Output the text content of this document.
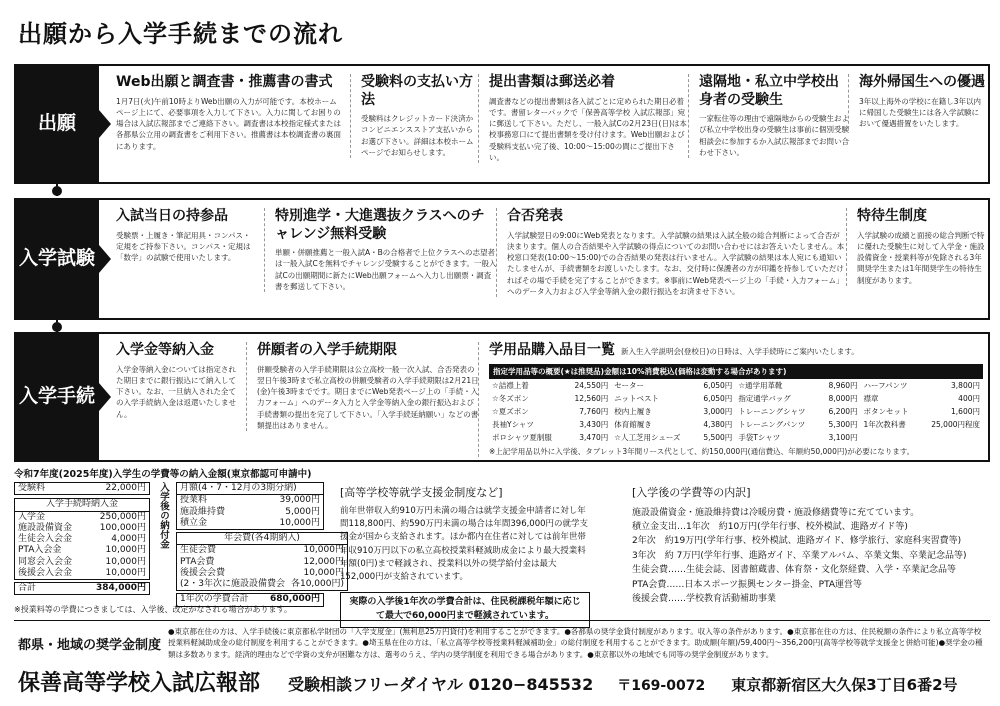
出願から入学手続までの流れ
出願
Web出願と調査書・推薦書の書式
1月7日(火)午前10時よりWeb出願の入力が可能です。本校ホームページ上にて、必要事項を入力して下さい。入力に関してお困りの場合は入試広報部までご連絡下さい。調査書は本校指定様式または各都県公立用の調査書をご利用下さい。推薦書は本校調査書の裏面にあります。
受験料の支払い方法
受験料はクレジットカード決済かコンビニエンスストア支払いからお選び下さい。詳細は本校ホームページでお知らせします。
提出書類は郵送必着
調査書などの提出書類は各入試ごとに定められた期日必着です。書留レターパックで「保善高等学校 入試広報部」宛に郵送して下さい。ただし、一般入試Cの2月23日(日)は本校事務窓口にて提出書類を受け付けます。Web出願および受験料支払い完了後、10:00〜15:00の間にご提出下さい。
遠隔地・私立中学校出身者の受験生
一家転住等の理由で遠隔地からの受験生および私立中学校出身の受験生は事前に個別受験相談会に参加するか入試広報部までお問い合わせ下さい。
海外帰国生への優遇
3年以上海外の学校に在籍し3年以内に帰国した受験生には各入学試験において優遇措置をいたします。
入学試験
入試当日の持参品
受験票・上履き・筆記用具・コンパス・定規をご持参下さい。コンパス・定規は「数学」の試験で使用いたします。
特別進学・大進選抜クラスへのチャレンジ無料受験
単願・併願推薦と一般入試A・Bの合格者で上位クラスへの志望者は一般入試Cを無料でチャレンジ受験することができます。一般入試Cの出願期間に新たにWeb出願フォームへ入力し出願票・調査書を郵送して下さい。
合否発表
入学試験翌日の9:00にWeb発表となります。入学試験の結果は入試全般の総合判断によって合否が決まります。個人の合否結果や入学試験の得点についてのお問い合わせにはお答えいたしません。本校窓口発表(10:00〜15:00)での合否結果の発表は行いません。入学試験の結果は本人宛にも通知いたしませんが、手続書類をお渡しいたします。なお、交付時に保護者の方が印鑑を持参していただければその場で手続を完了することができます。※事前にWeb発表ページ上の「手続・入力フォーム」へのデータ入力および入学金等納入金の銀行振込をお済ませ下さい。
特待生制度
入学試験の成績と面接の総合判断で特に優れた受験生に対して入学金・施設設備資金・授業料等が免除される3年間奨学生または1年間奨学生の特待生制度があります。
入学手続
入学金等納入金
入学金等納入金については指定された期日までに銀行振込にて納入して下さい。なお、一旦納入された全ての入学手続納入金は返還いたしません。
併願者の入学手続期限
併願受験者の入学手続期限は公立高校一般一次入試、合否発表の翌日午後3時まで私立高校の併願受験者の入学手続期限は2月21日(金)午後3時までです。期日までにWeb発表ページ上の「手続・入力フォーム」へのデータ入力と入学金等納入金の銀行振込および手続書類の提出を完了して下さい。「入学手続延納願い」などの書類提出はありません。
学用品購入品目一覧 新入生入学説明会(登校日)の日時は、入学手続時にご案内いたします。
指定学用品等の概要(★は推奨品)金額は10%消費税込(価格は変動する場合があります)
☆詰襟上着	24,550円	セーター	6,050円	☆通学用革靴	8,960円	ハーフパンツ	3,800円
☆冬ズボン	12,560円	ニットベスト	6,050円	指定通学バッグ	8,000円	襟章	400円
☆夏ズボン	7,760円	校内上履き	3,000円	トレーニングシャツ	6,200円	ボタンセット	1,600円
長袖Yシャツ	3,430円	体育館履き	4,380円	トレーニングパンツ	5,300円	1年次教科書	25,000円程度
ポロシャツ夏制服	3,470円	☆人工芝用シューズ	5,500円	手袋Tシャツ	3,100円		
※上記学用品以外に入学後、タブレット3年間リース代として、約150,000円(通信費込、年額約50,000円)が必要になります。
令和7年度(2025年度)入学生の学費等の納入金額(東京都認可申請中)
受験料	22,000円
入学手続時納入金	
入学金	250,000円
施設設備資金	100,000円
生徒会入会金	4,000円
PTA入会金	10,000円
同窓会入会金	10,000円
後援会入会金	10,000円
合計	384,000円
入学後の納付金 月額(4・7・12月の3期分納)	
授業料	39,000円
施設維持費	5,000円
積立金	10,000円
年会費(各4期納入)	
生徒会費	10,000円
PTA会費	12,000円
後援会会費	10,000円
(2・3年次に施設設備費会	各10,000円)
1年次の学費合計	680,000円
[高等学校等就学支援金制度など]
前年世帯収入約910万円未満の場合は就学支援金申請者に対し年間118,800円、約590万円未満の場合は年間396,000円の就学支援金が国から支給されます。ほか都内在住者に対しては前年世帯年収910万円以下の私立高校授業料軽減助成金により最大授業料年額(0円)まで軽減され、授業料以外の奨学給付金は最大152,000円が支給されています。
実際の入学後1年次の学費合計は、住民税課税年額に応じて最大で60,000円まで軽減されています。
[入学後の学費等の内訳]
施設設備資金・施設維持費は冷暖房費・施設修繕費等に充てています。
積立金支出…1年次　約10万円(学年行事、校外模試、進路ガイド等)
2年次　約19万円(学年行事、校外模試、進路ガイド、修学旅行、家庭科実習費等)
3年次　約 7万円(学年行事、進路ガイド、卒業アルバム、卒業文集、卒業記念品等)
生徒会費……生徒会誌、図書館蔵書、体育祭・文化祭経費、入学・卒業記念品等
PTA会費……日本スポーツ振興センター掛金、PTA運営等
後援会費……学校教育活動補助事業
※授業料等の学費につきましては、入学後、改定がなされる場合があります。
都県・地域の奨学金制度
●東京都在住の方は、入学手続後に東京都私学財団の「入学支度金」(無利息25万円貸付)を利用することができます。●各都県の奨学金貸付制度があります。収入等の条件があります。●東京都在住の方は、住民税額の条件により私立高等学校授業料軽減助成金の総付制度を利用することができます。●埼玉県在住の方は、「私立高等学校等授業料軽減補助金」の総付制度を利用することができます。助成額(年額)/59,400円〜356,200円(高等学校等就学支援金と併給可能)●奨学金の種類は多数あります。経済的理由などで学資の支弁が困難な方は、選考のうえ、学内の奨学制度を利用できる場合があります。●東京都以外の地域でも同等の奨学金制度があります。
保善高等学校入試広報部 受験相談フリーダイヤル 0120−845532 〒169-0072 東京都新宿区大久保3丁目6番2号
